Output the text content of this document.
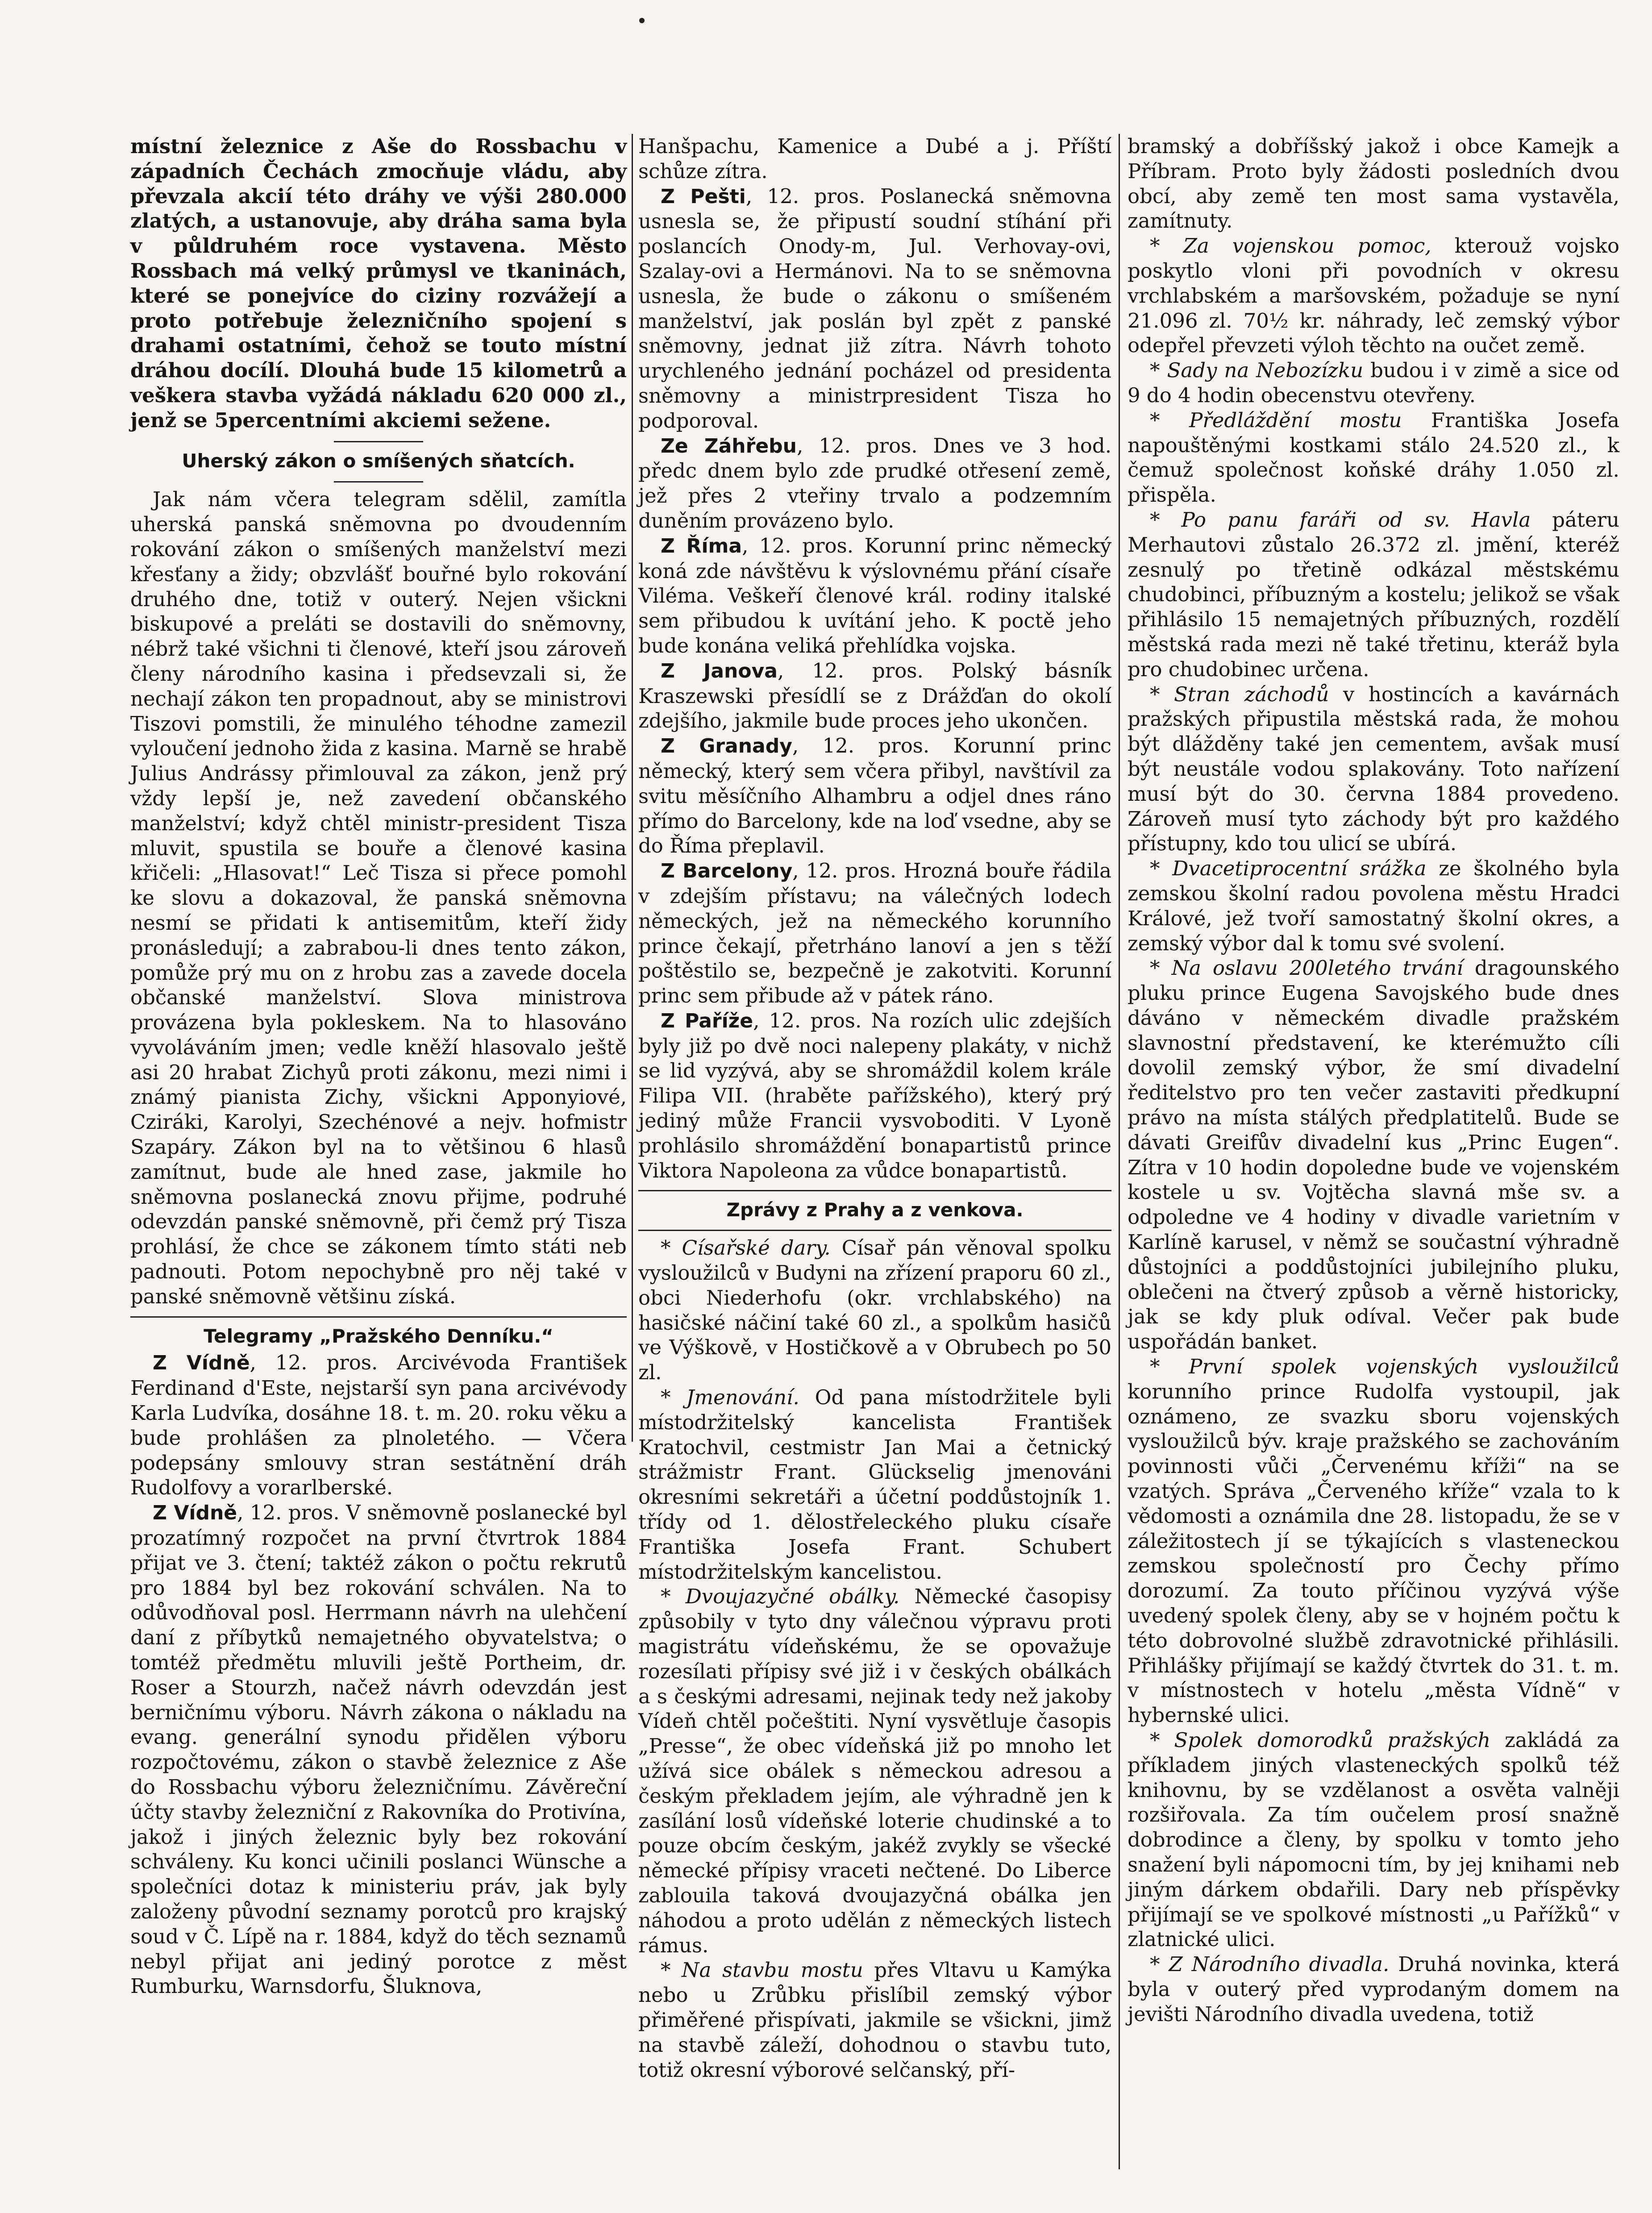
místní železnice z Aše do Rossbachu v západních Čechách zmocňuje vládu, aby převzala akcií této dráhy ve výši 280.000 zlatých, a ustanovuje, aby dráha sama byla v půldruhém roce vystavena. Město Rossbach má velký průmysl ve tkaninách, které se ponejvíce do ciziny rozvážejí a proto potřebuje železničního spojení s drahami ostatními, čehož se touto místní dráhou docílí. Dlouhá bude 15 kilometrů a veškera stavba vyžádá nákladu 620 000 zl., jenž se 5percentními akciemi sežene.

Uherský zákon o smíšených sňatcích.

Jak nám včera telegram sdělil, zamítla uherská panská sněmovna po dvoudenním rokování zákon o smíšených manželství mezi křesťany a židy; obzvlášť bouřné bylo rokování druhého dne, totiž v outerý. Nejen všickni biskupové a preláti se dostavili do sněmovny, nébrž také všichni ti členové, kteří jsou zároveň členy národního kasina i předsevzali si, že nechají zákon ten propadnout, aby se ministrovi Tiszovi pomstili, že minulého téhodne zamezil vyloučení jednoho žida z kasina. Marně se hrabě Julius Andrássy přimlouval za zákon, jenž prý vždy lepší je, než zavedení občanského manželství; když chtěl ministr-president Tisza mluvit, spustila se bouře a členové kasina křičeli: „Hlasovat!“ Leč Tisza si přece pomohl ke slovu a dokazoval, že panská sněmovna nesmí se přidati k antisemitům, kteří židy pronásledují; a zabrabou-li dnes tento zákon, pomůže prý mu on z hrobu zas a zavede docela občanské manželství. Slova ministrova provázena byla pokleskem. Na to hlasováno vyvoláváním jmen; vedle kněží hlasovalo ještě asi 20 hrabat Zichyů proti zákonu, mezi nimi i známý pianista Zichy, všickni Apponyiové, Cziráki, Karolyi, Szechénové a nejv. hofmistr Szapáry. Zákon byl na to většinou 6 hlasů zamítnut, bude ale hned zase, jakmile ho sněmovna poslanecká znovu přijme, podruhé odevzdán panské sněmovně, při čemž prý Tisza prohlásí, že chce se zákonem tímto státi neb padnouti. Potom nepochybně pro něj také v panské sněmovně většinu získá.

Telegramy „Pražského Denníku.“

Z Vídně, 12. pros. Arcivévoda František Ferdinand d'Este, nejstarší syn pana arcivévody Karla Ludvíka, dosáhne 18. t. m. 20. roku věku a bude prohlášen za plnoletého. — Včera podepsány smlouvy stran sestátnění dráh Rudolfovy a vorarlberské.

Z Vídně, 12. pros. V sněmovně poslanecké byl prozatímný rozpočet na první čtvrtrok 1884 přijat ve 3. čtení; taktéž zákon o počtu rekrutů pro 1884 byl bez rokování schválen. Na to odůvodňoval posl. Herrmann návrh na ulehčení daní z příbytků nemajetného obyvatelstva; o tomtéž předmětu mluvili ještě Portheim, dr. Roser a Stourzh, načež návrh odevzdán jest berničnímu výboru. Návrh zákona o nákladu na evang. generální synodu přidělen výboru rozpočtovému, zákon o stavbě železnice z Aše do Rossbachu výboru železničnímu. Závěreční účty stavby železniční z Rakovníka do Protivína, jakož i jiných železnic byly bez rokování schváleny. Ku konci učinili poslanci Wünsche a společníci dotaz k ministeriu práv, jak byly založeny původní seznamy porotců pro krajský soud v Č. Lípě na r. 1884, když do těch seznamů nebyl přijat ani jediný porotce z měst Rumburku, Warnsdorfu, Šluknova,

Hanšpachu, Kamenice a Dubé a j. Příští schůze zítra.

Z Pešti, 12. pros. Poslanecká sněmovna usnesla se, že připustí soudní stíhání při poslancích Onody-m, Jul. Verhovay-ovi, Szalay-ovi a Hermánovi. Na to se sněmovna usnesla, že bude o zákonu o smíšeném manželství, jak poslán byl zpět z panské sněmovny, jednat již zítra. Návrh tohoto urychleného jednání pocházel od presidenta sněmovny a ministrpresident Tisza ho podporoval.

Ze Záhřebu, 12. pros. Dnes ve 3 hod. předc dnem bylo zde prudké otřesení země, jež přes 2 vteřiny trvalo a podzemním duněním provázeno bylo.

Z Říma, 12. pros. Korunní princ německý koná zde návštěvu k výslovnému přání císaře Viléma. Veškeří členové král. rodiny italské sem přibudou k uvítání jeho. K poctě jeho bude konána veliká přehlídka vojska.

Z Janova, 12. pros. Polský básník Kraszewski přesídlí se z Drážďan do okolí zdejšího, jakmile bude proces jeho ukončen.

Z Granady, 12. pros. Korunní princ německý, který sem včera přibyl, navštívil za svitu měsíčního Alhambru a odjel dnes ráno přímo do Barcelony, kde na loď vsedne, aby se do Říma přeplavil.

Z Barcelony, 12. pros. Hrozná bouře řádila v zdejším přístavu; na válečných lodech německých, jež na německého korunního prince čekají, přetrháno lanoví a jen s těží poštěstilo se, bezpečně je zakotviti. Korunní princ sem přibude až v pátek ráno.

Z Paříže, 12. pros. Na rozích ulic zdejších byly již po dvě noci nalepeny plakáty, v nichž se lid vyzývá, aby se shromáždil kolem krále Filipa VII. (hraběte pařížského), který prý jediný může Francii vysvoboditi. V Lyoně prohlásilo shromáždění bonapartistů prince Viktora Napoleona za vůdce bonapartistů.

Zprávy z Prahy a z venkova.

* Císařské dary. Císař pán věnoval spolku vysloužilců v Budyni na zřízení praporu 60 zl., obci Niederhofu (okr. vrchlabského) na hasičské náčiní také 60 zl., a spolkům hasičů ve Výškově, v Hostičkově a v Obrubech po 50 zl.

* Jmenování. Od pana místodržitele byli místodržitelský kancelista František Kratochvil, cestmistr Jan Mai a četnický strážmistr Frant. Glückselig jmenováni okresními sekretáři a účetní poddůstojník 1. třídy od 1. dělostřeleckého pluku císaře Františka Josefa Frant. Schubert místodržitelským kancelistou.

* Dvoujazyčné obálky. Německé časopisy způsobily v tyto dny válečnou výpravu proti magistrátu vídeňskému, že se opovažuje rozesílati přípisy své již i v českých obálkách a s českými adresami, nejinak tedy než jakoby Vídeň chtěl počeštiti. Nyní vysvětluje časopis „Presse“, že obec vídeňská již po mnoho let užívá sice obálek s německou adresou a českým překladem jejím, ale výhradně jen k zasílání losů vídeňské loterie chudinské a to pouze obcím českým, jakéž zvykly se všecké německé přípisy vraceti nečtené. Do Liberce zablouila taková dvoujazyčná obálka jen náhodou a proto udělán z německých listech rámus.

* Na stavbu mostu přes Vltavu u Kamýka nebo u Zrůbku přislíbil zemský výbor přiměřené přispívati, jakmile se všickni, jimž na stavbě záleží, dohodnou o stavbu tuto, totiž okresní výborové selčanský, pří-

bramský a dobříšský jakož i obce Kamejk a Příbram. Proto byly žádosti posledních dvou obcí, aby země ten most sama vystavěla, zamítnuty.

* Za vojenskou pomoc, kterouž vojsko poskytlo vloni při povodních v okresu vrchlabském a maršovském, požaduje se nyní 21.096 zl. 70½ kr. náhrady, leč zemský výbor odepřel převzeti výloh těchto na oučet země.

* Sady na Nebozízku budou i v zimě a sice od 9 do 4 hodin obecenstvu otevřeny.

* Předláždění mostu Františka Josefa napouštěnými kostkami stálo 24.520 zl., k čemuž společnost koňské dráhy 1.050 zl. přispěla.

* Po panu faráři od sv. Havla páteru Merhautovi zůstalo 26.372 zl. jmění, kteréž zesnulý po třetině odkázal městskému chudobinci, příbuzným a kostelu; jelikož se však přihlásilo 15 nemajetných příbuzných, rozdělí městská rada mezi ně také třetinu, kteráž byla pro chudobinec určena.

* Stran záchodů v hostincích a kavárnách pražských připustila městská rada, že mohou být dlážděny také jen cementem, avšak musí být neustále vodou splakovány. Toto nařízení musí být do 30. června 1884 provedeno. Zároveň musí tyto záchody být pro každého přístupny, kdo tou ulicí se ubírá.

* Dvacetiprocentní srážka ze školného byla zemskou školní radou povolena městu Hradci Králové, jež tvoří samostatný školní okres, a zemský výbor dal k tomu své svolení.

* Na oslavu 200letého trvání dragounského pluku prince Eugena Savojského bude dnes dáváno v německém divadle pražském slavnostní představení, ke kterémužto cíli dovolil zemský výbor, že smí divadelní ředitelstvo pro ten večer zastaviti předkupní právo na místa stálých předplatitelů. Bude se dávati Greifův divadelní kus „Princ Eugen“. Zítra v 10 hodin dopoledne bude ve vojenském kostele u sv. Vojtěcha slavná mše sv. a odpoledne ve 4 hodiny v divadle varietním v Karlíně karusel, v němž se součastní výhradně důstojníci a poddůstojníci jubilejního pluku, oblečeni na čtverý způsob a věrně historicky, jak se kdy pluk odíval. Večer pak bude uspořádán banket.

* První spolek vojenských vysloužilců korunního prince Rudolfa vystoupil, jak oznámeno, ze svazku sboru vojenských vysloužilců býv. kraje pražského se zachováním povinnosti vůči „Červenému kříži“ na se vzatých. Správa „Červeného kříže“ vzala to k vědomosti a oznámila dne 28. listopadu, že se v záležitostech jí se týkajících s vlasteneckou zemskou společností pro Čechy přímo dorozumí. Za touto příčinou vyzývá výše uvedený spolek členy, aby se v hojném počtu k této dobrovolné službě zdravotnické přihlásili. Přihlášky přijímají se každý čtvrtek do 31. t. m. v místnostech v hotelu „města Vídně“ v hybernské ulici.

* Spolek domorodků pražských zakládá za příkladem jiných vlasteneckých spolků též knihovnu, by se vzdělanost a osvěta valněji rozšiřovala. Za tím oučelem prosí snažně dobrodince a členy, by spolku v tomto jeho snažení byli nápomocni tím, by jej knihami neb jiným dárkem obdařili. Dary neb příspěvky přijímají se ve spolkové místnosti „u Pařížků“ v zlatnické ulici.

* Z Národního divadla. Druhá novinka, která byla v outerý před vyprodaným domem na jevišti Národního divadla uvedena, totiž
